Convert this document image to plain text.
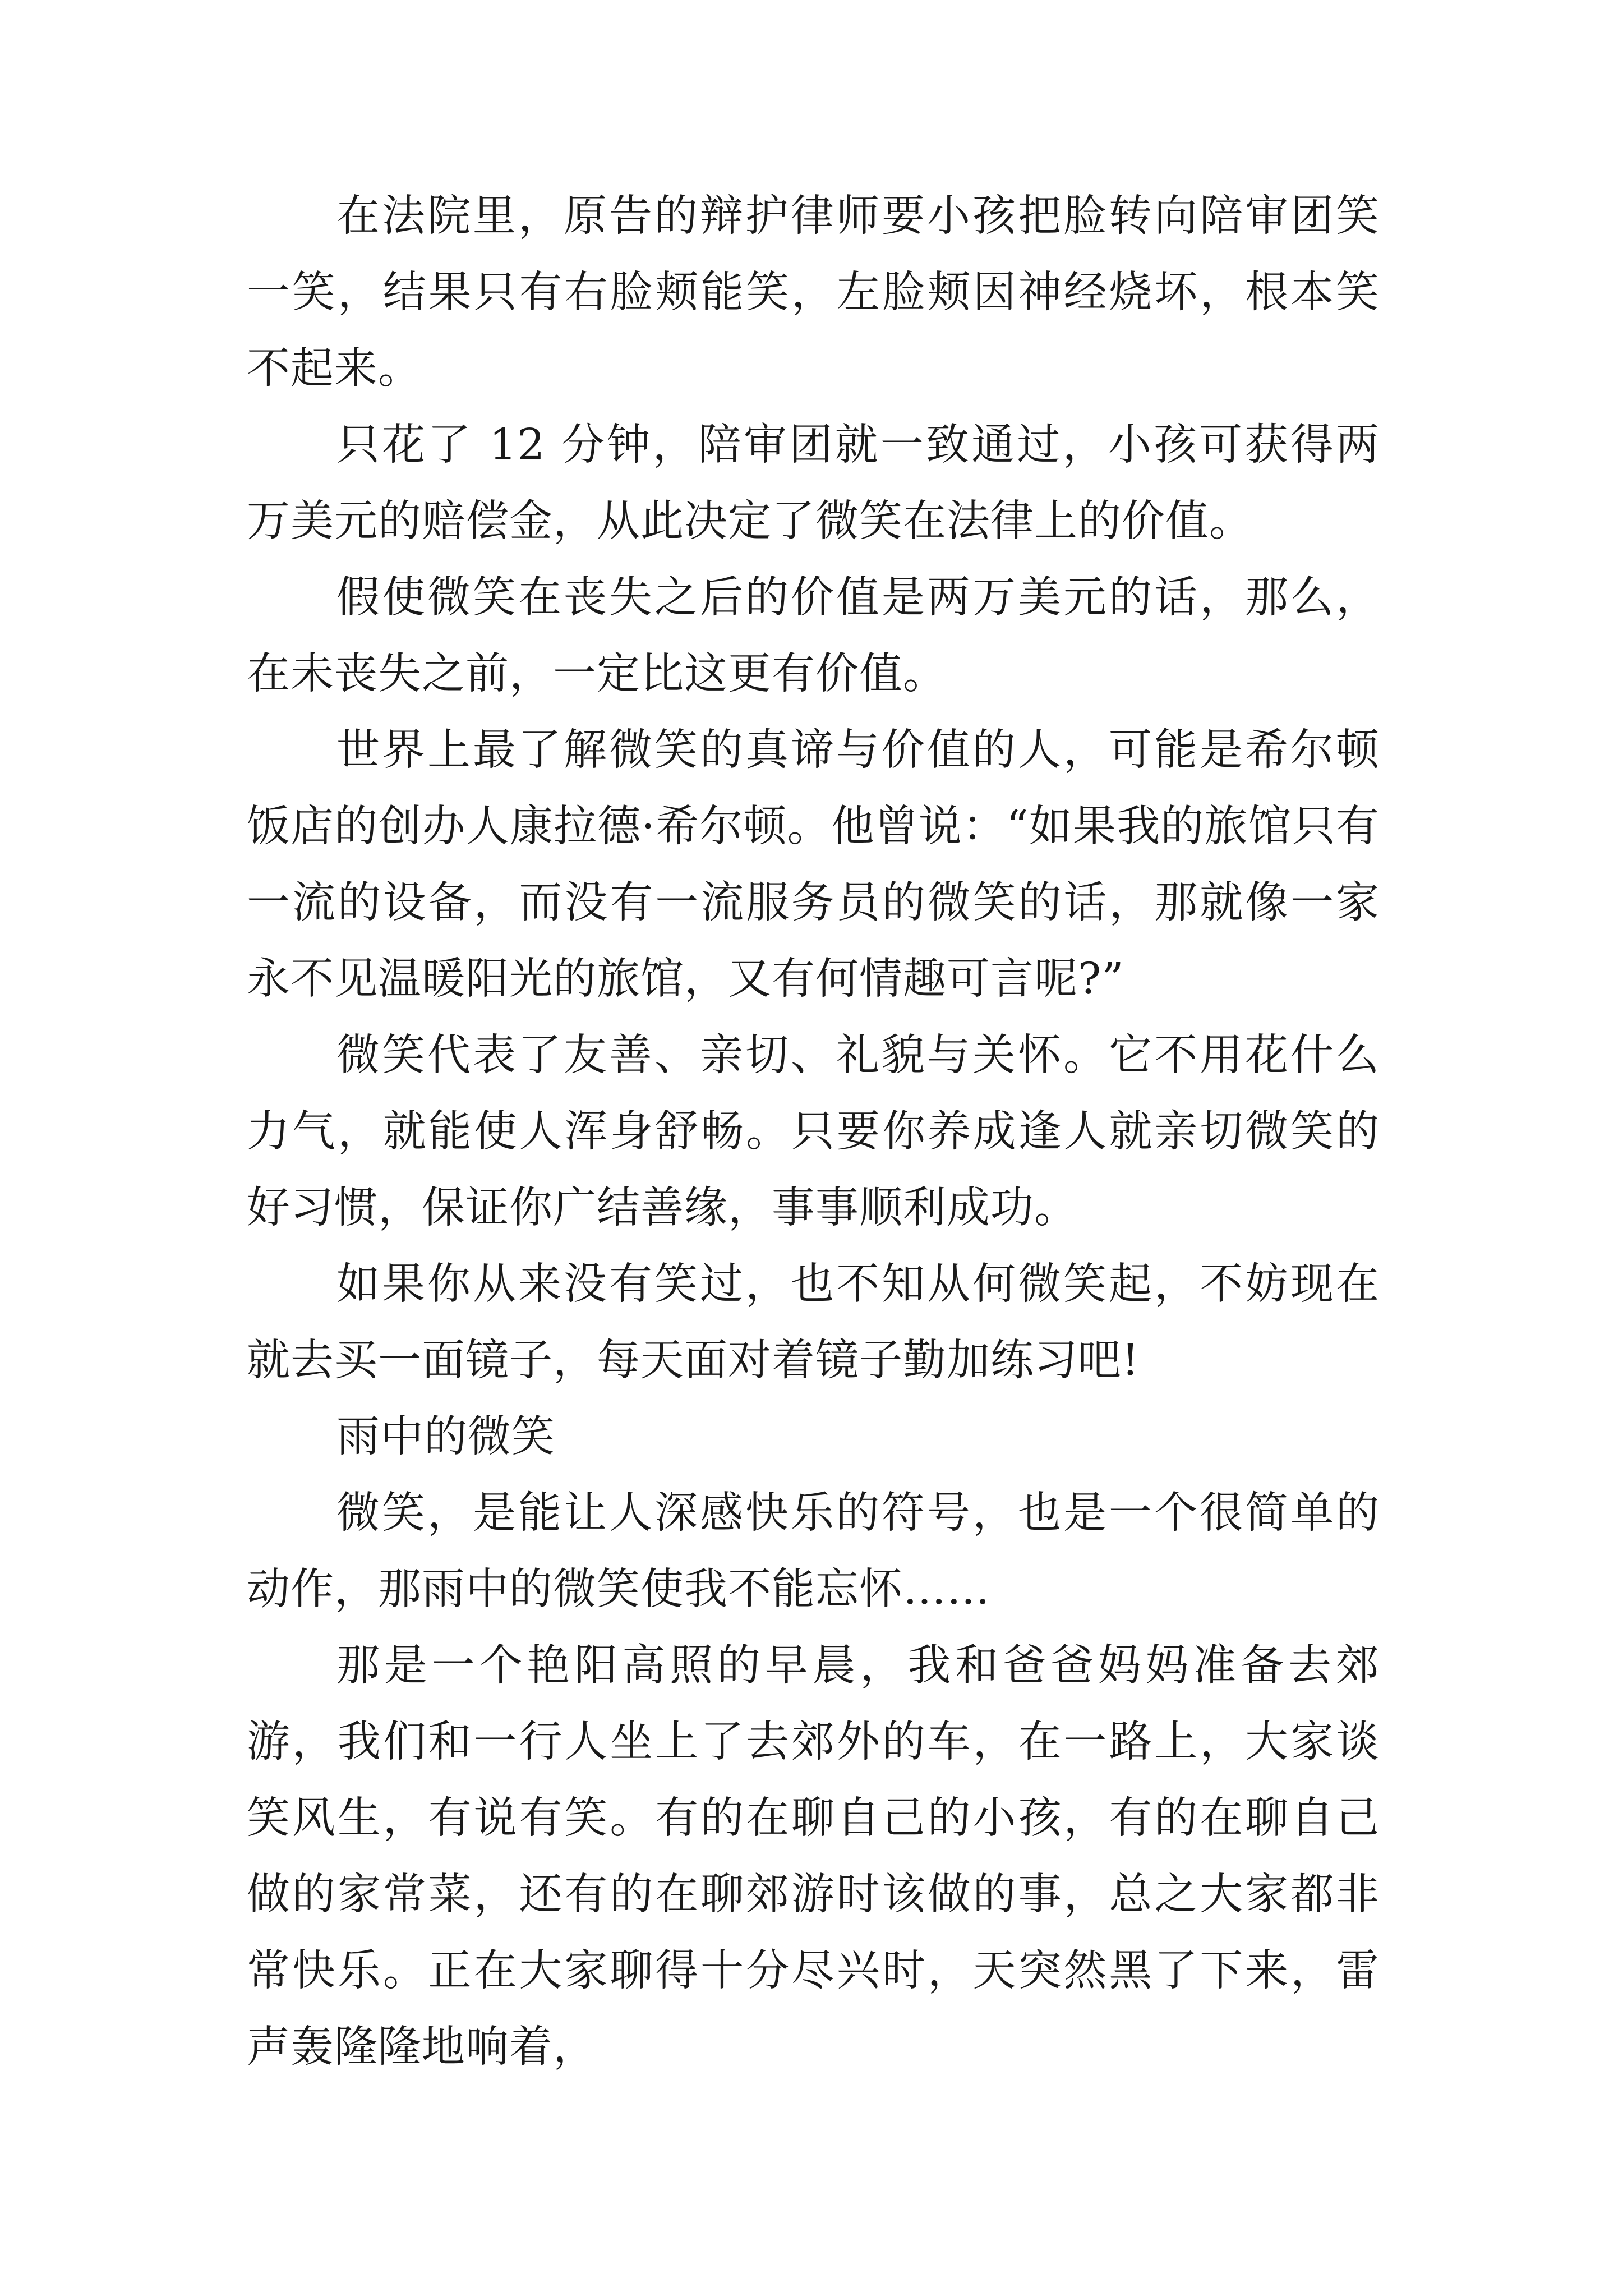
在法院里，原告的辩护律师要小孩把脸转向陪审团笑一笑，结果只有右脸颊能笑，左脸颊因神经烧坏，根本笑不起来。

只花了 12 分钟，陪审团就一致通过，小孩可获得两万美元的赔偿金，从此决定了微笑在法律上的价值。

假使微笑在丧失之后的价值是两万美元的话，那么，在未丧失之前，一定比这更有价值。

世界上最了解微笑的真谛与价值的人，可能是希尔顿饭店的创办人康拉德·希尔顿。他曾说：“如果我的旅馆只有一流的设备，而没有一流服务员的微笑的话，那就像一家永不见温暖阳光的旅馆，又有何情趣可言呢?”

微笑代表了友善、亲切、礼貌与关怀。它不用花什么力气，就能使人浑身舒畅。只要你养成逢人就亲切微笑的好习惯，保证你广结善缘，事事顺利成功。

如果你从来没有笑过，也不知从何微笑起，不妨现在就去买一面镜子，每天面对着镜子勤加练习吧!

雨中的微笑

微笑，是能让人深感快乐的符号，也是一个很简单的动作，那雨中的微笑使我不能忘怀……

那是一个艳阳高照的早晨，我和爸爸妈妈准备去郊游，我们和一行人坐上了去郊外的车，在一路上，大家谈笑风生，有说有笑。有的在聊自己的小孩，有的在聊自己做的家常菜，还有的在聊郊游时该做的事，总之大家都非常快乐。正在大家聊得十分尽兴时，天突然黑了下来，雷声轰隆隆地响着，
